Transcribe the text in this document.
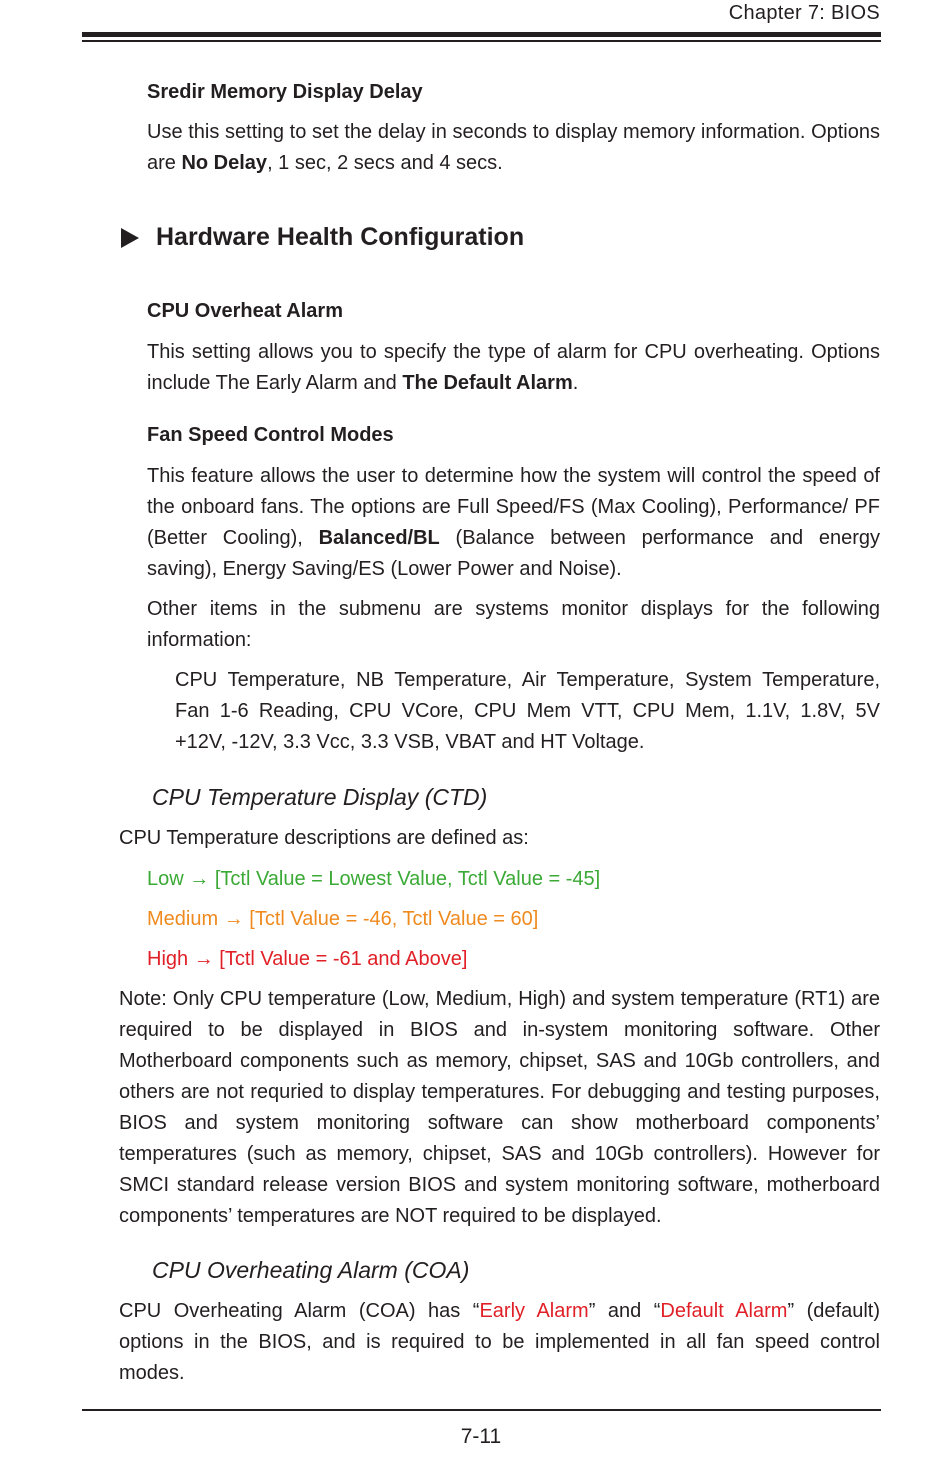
Chapter 7: BIOS
Sredir Memory Display Delay
Use this setting to set the delay in seconds to display memory information. Options are No Delay, 1 sec, 2 secs and 4 secs.
Hardware Health Configuration
CPU Overheat Alarm
This setting allows you to specify the type of alarm for CPU overheating. Options include The Early Alarm and The Default Alarm.
Fan Speed Control Modes
This feature allows the user to determine how the system will control the speed of the onboard fans. The options are Full Speed/FS (Max Cooling), Performance/ PF (Better Cooling), Balanced/BL (Balance between performance and energy saving), Energy Saving/ES (Lower Power and Noise).
Other items in the submenu are systems monitor displays for the following information:
CPU Temperature, NB Temperature, Air Temperature, System Temperature, Fan 1-6 Reading, CPU VCore, CPU Mem VTT, CPU Mem, 1.1V, 1.8V, 5V +12V, -12V, 3.3 Vcc, 3.3 VSB, VBAT and HT Voltage.
CPU Temperature Display (CTD)
CPU Temperature descriptions are defined as:
Low → [Tctl Value = Lowest Value, Tctl Value = -45]
Medium → [Tctl Value = -46, Tctl Value = 60]
High → [Tctl Value = -61 and Above]
Note: Only CPU temperature (Low, Medium, High) and system temperature (RT1) are required to be displayed in BIOS and in-system monitoring software. Other Motherboard components such as memory, chipset, SAS and 10Gb controllers, and others are not requried to display temperatures. For debugging and testing purposes, BIOS and system monitoring software can show motherboard components’ temperatures (such as memory, chipset, SAS and 10Gb controllers). However for SMCI standard release version BIOS and system monitoring software, motherboard components’ temperatures are NOT required to be displayed.
CPU Overheating Alarm (COA)
CPU Overheating Alarm (COA) has “Early Alarm” and “Default Alarm” (default) options in the BIOS, and is required to be implemented in all fan speed control modes.
7-11
